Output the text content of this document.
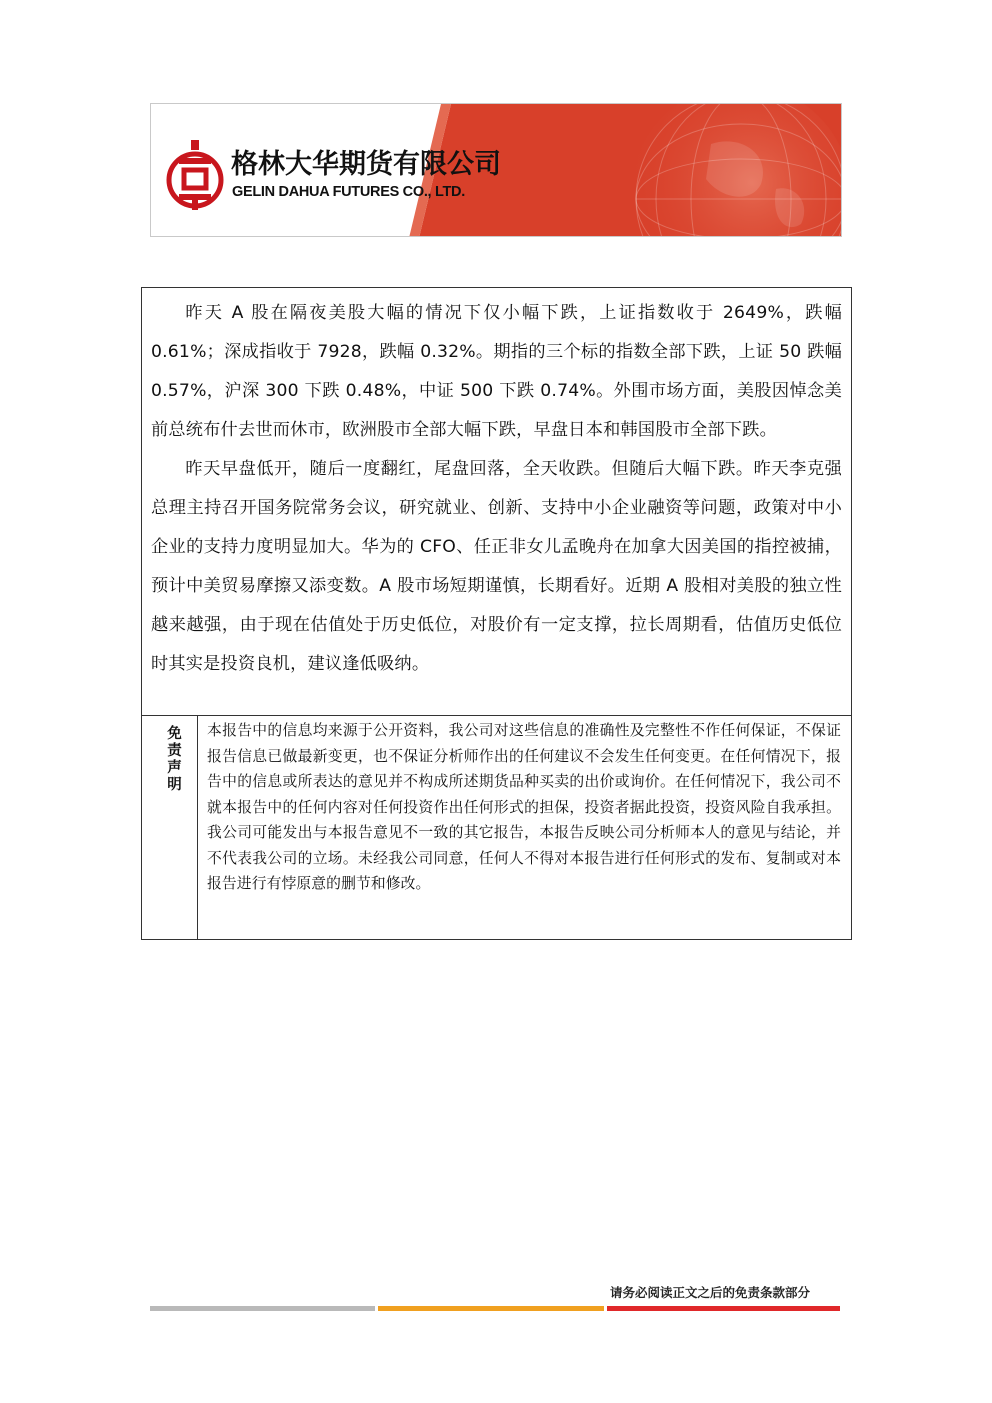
格林大华期货有限公司
GELIN DAHUA FUTURES CO., LTD.

昨天 A 股在隔夜美股大幅的情况下仅小幅下跌，上证指数收于 2649%，跌幅 0.61%；深成指收于 7928，跌幅 0.32%。期指的三个标的指数全部下跌，上证 50 跌幅 0.57%，沪深 300 下跌 0.48%，中证 500 下跌 0.74%。外围市场方面，美股因悼念美前总统布什去世而休市，欧洲股市全部大幅下跌，早盘日本和韩国股市全部下跌。

昨天早盘低开，随后一度翻红，尾盘回落，全天收跌。但随后大幅下跌。昨天李克强总理主持召开国务院常务会议，研究就业、创新、支持中小企业融资等问题，政策对中小企业的支持力度明显加大。华为的 CFO、任正非女儿孟晚舟在加拿大因美国的指控被捕，预计中美贸易摩擦又添变数。A 股市场短期谨慎，长期看好。近期 A 股相对美股的独立性越来越强，由于现在估值处于历史低位，对股价有一定支撑，拉长周期看，估值历史低位时其实是投资良机，建议逢低吸纳。

免责声明

本报告中的信息均来源于公开资料，我公司对这些信息的准确性及完整性不作任何保证，不保证报告信息已做最新变更，也不保证分析师作出的任何建议不会发生任何变更。在任何情况下，报告中的信息或所表达的意见并不构成所述期货品种买卖的出价或询价。在任何情况下，我公司不就本报告中的任何内容对任何投资作出任何形式的担保，投资者据此投资，投资风险自我承担。我公司可能发出与本报告意见不一致的其它报告，本报告反映公司分析师本人的意见与结论，并不代表我公司的立场。未经我公司同意，任何人不得对本报告进行任何形式的发布、复制或对本报告进行有悖原意的删节和修改。

请务必阅读正文之后的免责条款部分
